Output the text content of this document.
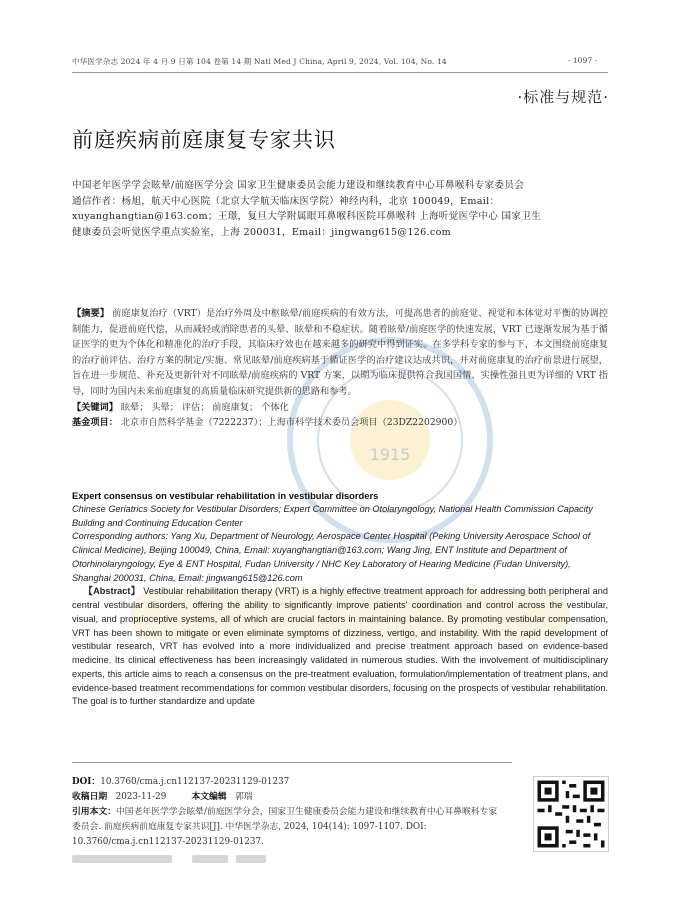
中华医学杂志 2024 年 4 月 9 日第 104 卷第 14 期 Natl Med J China, April 9, 2024, Vol. 104, No. 14	· 1097 ·
·标准与规范·
前庭疾病前庭康复专家共识
中国老年医学学会眩晕/前庭医学分会 国家卫生健康委员会能力建设和继续教育中心耳鼻喉科专家委员会
通信作者：杨旭，航天中心医院（北京大学航天临床医学院）神经内科，北京 100049，Email：xuyanghangtian@163.com；王璟，复旦大学附属眼耳鼻喉科医院耳鼻喉科 上海听觉医学中心 国家卫生健康委员会听觉医学重点实验室，上海 200031，Email：jingwang615@126.com
1915
【摘要】 前庭康复治疗（VRT）是治疗外周及中枢眩晕/前庭疾病的有效方法，可提高患者的前庭觉、视觉和本体觉对平衡的协调控制能力，促进前庭代偿，从而减轻或消除患者的头晕、眩晕和不稳症状。随着眩晕/前庭医学的快速发展，VRT 已逐渐发展为基于循证医学的更为个体化和精准化的治疗手段，其临床疗效也在越来越多的研究中得到证实。在多学科专家的参与下，本文围绕前庭康复的治疗前评估、治疗方案的制定/实施、常见眩晕/前庭疾病基于循证医学的治疗建议达成共识，并对前庭康复的治疗前景进行展望，旨在进一步规范、补充及更新针对不同眩晕/前庭疾病的 VRT 方案，以期为临床提供符合我国国情、实操性强且更为详细的 VRT 指导，同时为国内未来前庭康复的高质量临床研究提供新的思路和参考。
【关键词】 眩晕； 头晕； 评估； 前庭康复； 个体化
基金项目： 北京市自然科学基金（7222237）；上海市科学技术委员会项目（23DZ2202900）
Expert consensus on vestibular rehabilitation in vestibular disorders
Chinese Geriatrics Society for Vestibular Disorders; Expert Committee on Otolaryngology, National Health Commission Capacity Building and Continuing Education Center
Corresponding authors: Yang Xu, Department of Neurology, Aerospace Center Hospital (Peking University Aerospace School of Clinical Medicine), Beijing 100049, China, Email: xuyanghangtian@163.com; Wang Jing, ENT Institute and Department of Otorhinolaryngology, Eye & ENT Hospital, Fudan University / NHC Key Laboratory of Hearing Medicine (Fudan University), Shanghai 200031, China, Email: jingwang615@126.com
【Abstract】 Vestibular rehabilitation therapy (VRT) is a highly effective treatment approach for addressing both peripheral and central vestibular disorders, offering the ability to significantly improve patients' coordination and control across the vestibular, visual, and proprioceptive systems, all of which are crucial factors in maintaining balance. By promoting vestibular compensation, VRT has been shown to mitigate or even eliminate symptoms of dizziness, vertigo, and instability. With the rapid development of vestibular research, VRT has evolved into a more individualized and precise treatment approach based on evidence-based medicine. Its clinical effectiveness has been increasingly validated in numerous studies. With the involvement of multidisciplinary experts, this article aims to reach a consensus on the pre-treatment evaluation, formulation/implementation of treatment plans, and evidence-based treatment recommendations for common vestibular disorders, focusing on the prospects of vestibular rehabilitation. The goal is to further standardize and update
DOI：10.3760/cma.j.cn112137-20231129-01237
收稿日期 2023-11-29	本文编辑 郭瑞
引用本文：中国老年医学学会眩晕/前庭医学分会，国家卫生健康委员会能力建设和继续教育中心耳鼻喉科专家委员会. 前庭疾病前庭康复专家共识[J]. 中华医学杂志, 2024, 104(14): 1097-1107. DOI: 10.3760/cma.j.cn112137-20231129-01237.
